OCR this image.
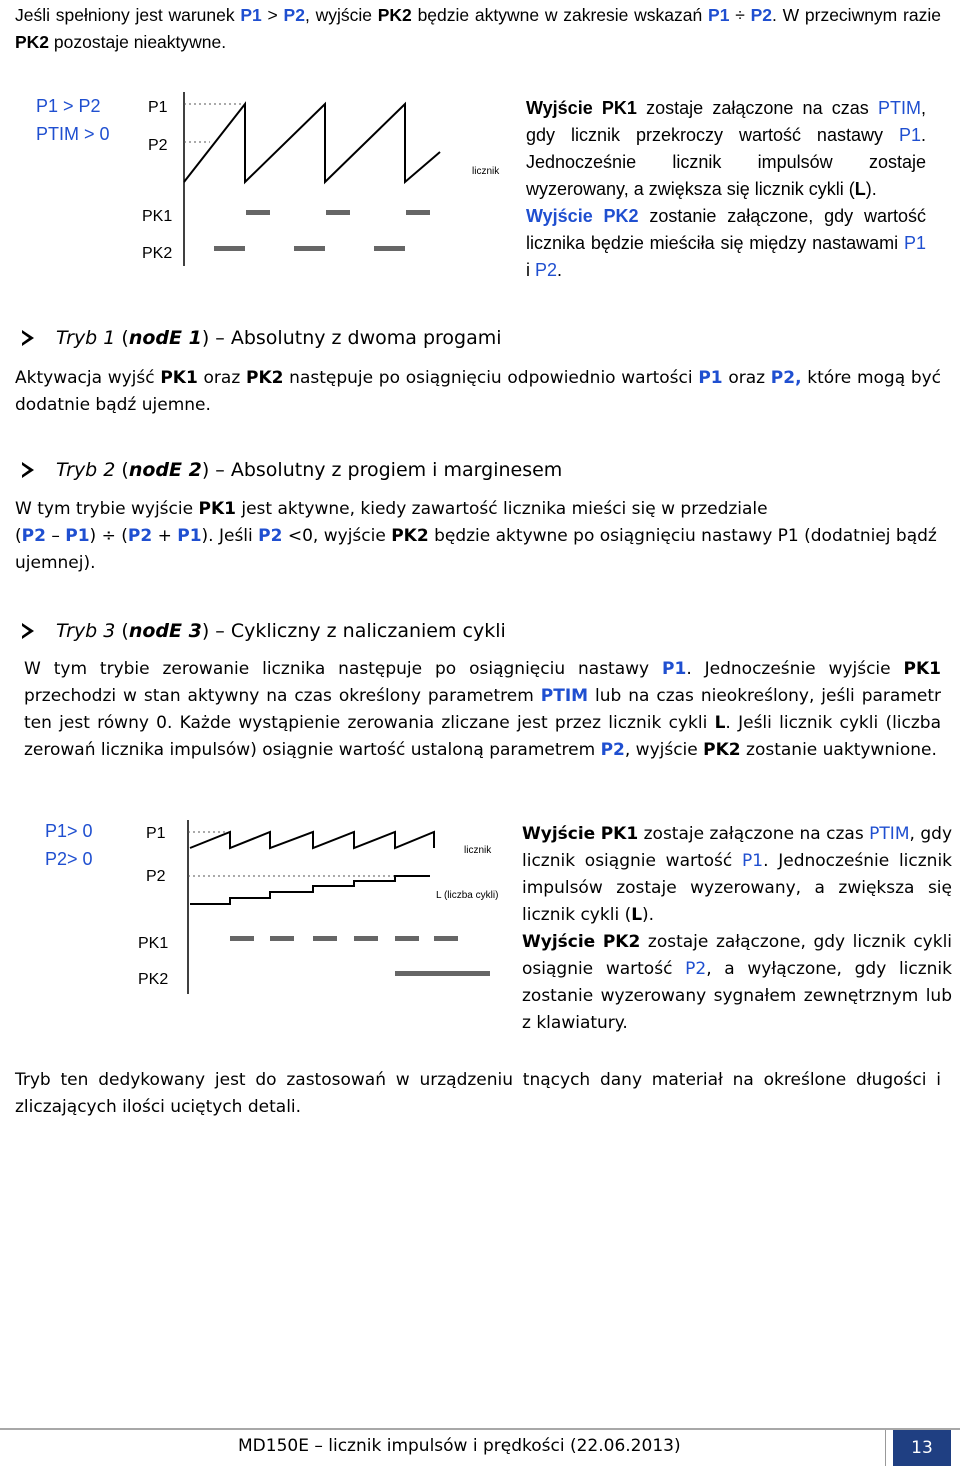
Jeśli spełniony jest warunek P1 > P2, wyjście PK2 będzie aktywne w zakresie wskazań P1 ÷ P2. W przeciwnym razie PK2 pozostaje nieaktywne.
P1 > P2
PTIM > 0
P1
P2
PK1
PK2
licznik
Wyjście PK1 zostaje załączone na czas PTIM, gdy licznik przekroczy wartość nastawy P1. Jednocześnie licznik impulsów zostaje wyzerowany, a zwiększa się licznik cykli (L).
Wyjście PK2 zostanie załączone, gdy wartość licznika będzie mieściła się między nastawami P1 i P2.
Tryb 1
( nodE 1 ) – Absolutny z dwoma progami
Aktywacja wyjść PK1 oraz PK2 następuje po osiągnięciu odpowiednio wartości P1 oraz P2, które mogą być dodatnie bądź ujemne.
Tryb 2
( nodE 2 ) – Absolutny z progiem i marginesem
W tym trybie wyjście PK1 jest aktywne, kiedy zawartość licznika mieści się w przedziale
(P2 – P1) ÷ (P2 + P1). Jeśli P2 <0, wyjście PK2 będzie aktywne po osiągnięciu nastawy P1 (dodatniej bądź ujemnej).
Tryb 3
( nodE 3 ) – Cykliczny z naliczaniem cykli
W tym trybie zerowanie licznika następuje po osiągnięciu nastawy P1. Jednocześnie wyjście PK1 przechodzi w stan aktywny na czas określony parametrem PTIM lub na czas nieokreślony, jeśli parametr ten jest równy 0. Każde wystąpienie zerowania zliczane jest przez licznik cykli L. Jeśli licznik cykli (liczba zerowań licznika impulsów) osiągnie wartość ustaloną parametrem P2, wyjście PK2 zostanie uaktywnione.
P1> 0
P2> 0
P1
P2
PK1
PK2
licznik
L (liczba cykli)
Wyjście PK1 zostaje załączone na czas PTIM, gdy licznik osiągnie wartość P1. Jednocześnie licznik impulsów zostaje wyzerowany, a zwiększa się licznik cykli (L).
Wyjście PK2 zostaje załączone, gdy licznik cykli osiągnie wartość P2, a wyłączone, gdy licznik zostanie wyzerowany sygnałem zewnętrznym lub z klawiatury.
Tryb ten dedykowany jest do zastosowań w urządzeniu tnących dany materiał na określone długości i zliczających ilości uciętych detali.
MD150E – licznik impulsów i prędkości (22.06.2013)	13
